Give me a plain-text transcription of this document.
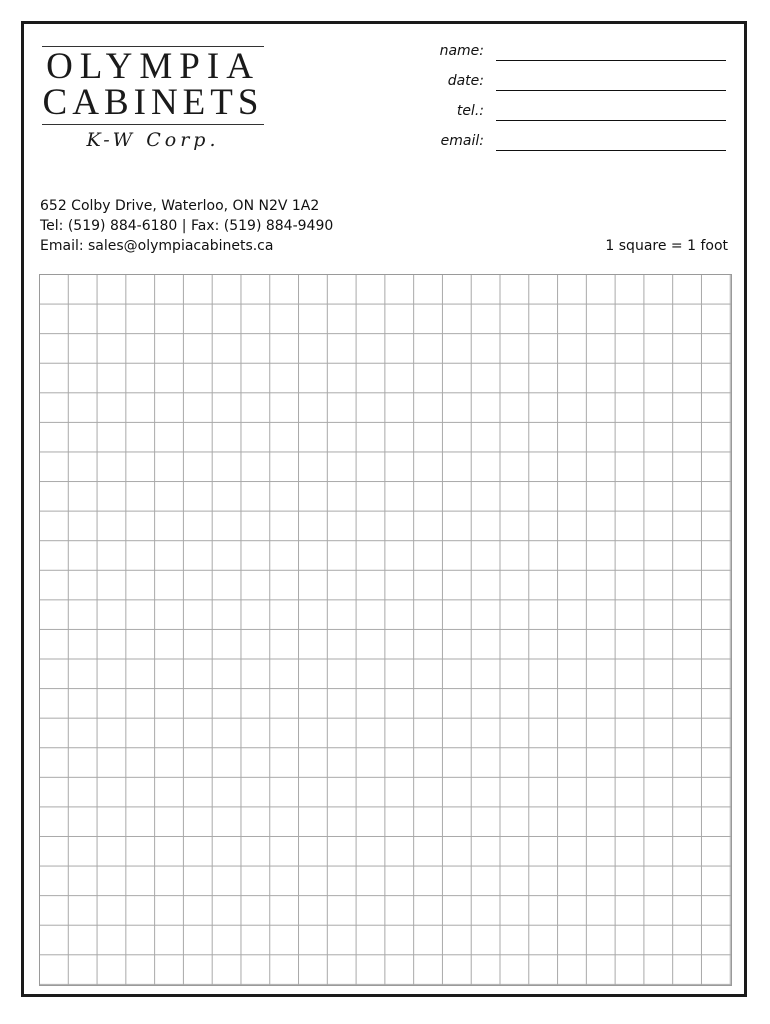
OLYMPIA
CABINETS
K-W Corp.
name:
date:
tel.:
email:
652 Colby Drive, Waterloo, ON N2V 1A2
Tel: (519) 884-6180 | Fax: (519) 884-9490
Email: sales@olympiacabinets.ca	1 square = 1 foot
